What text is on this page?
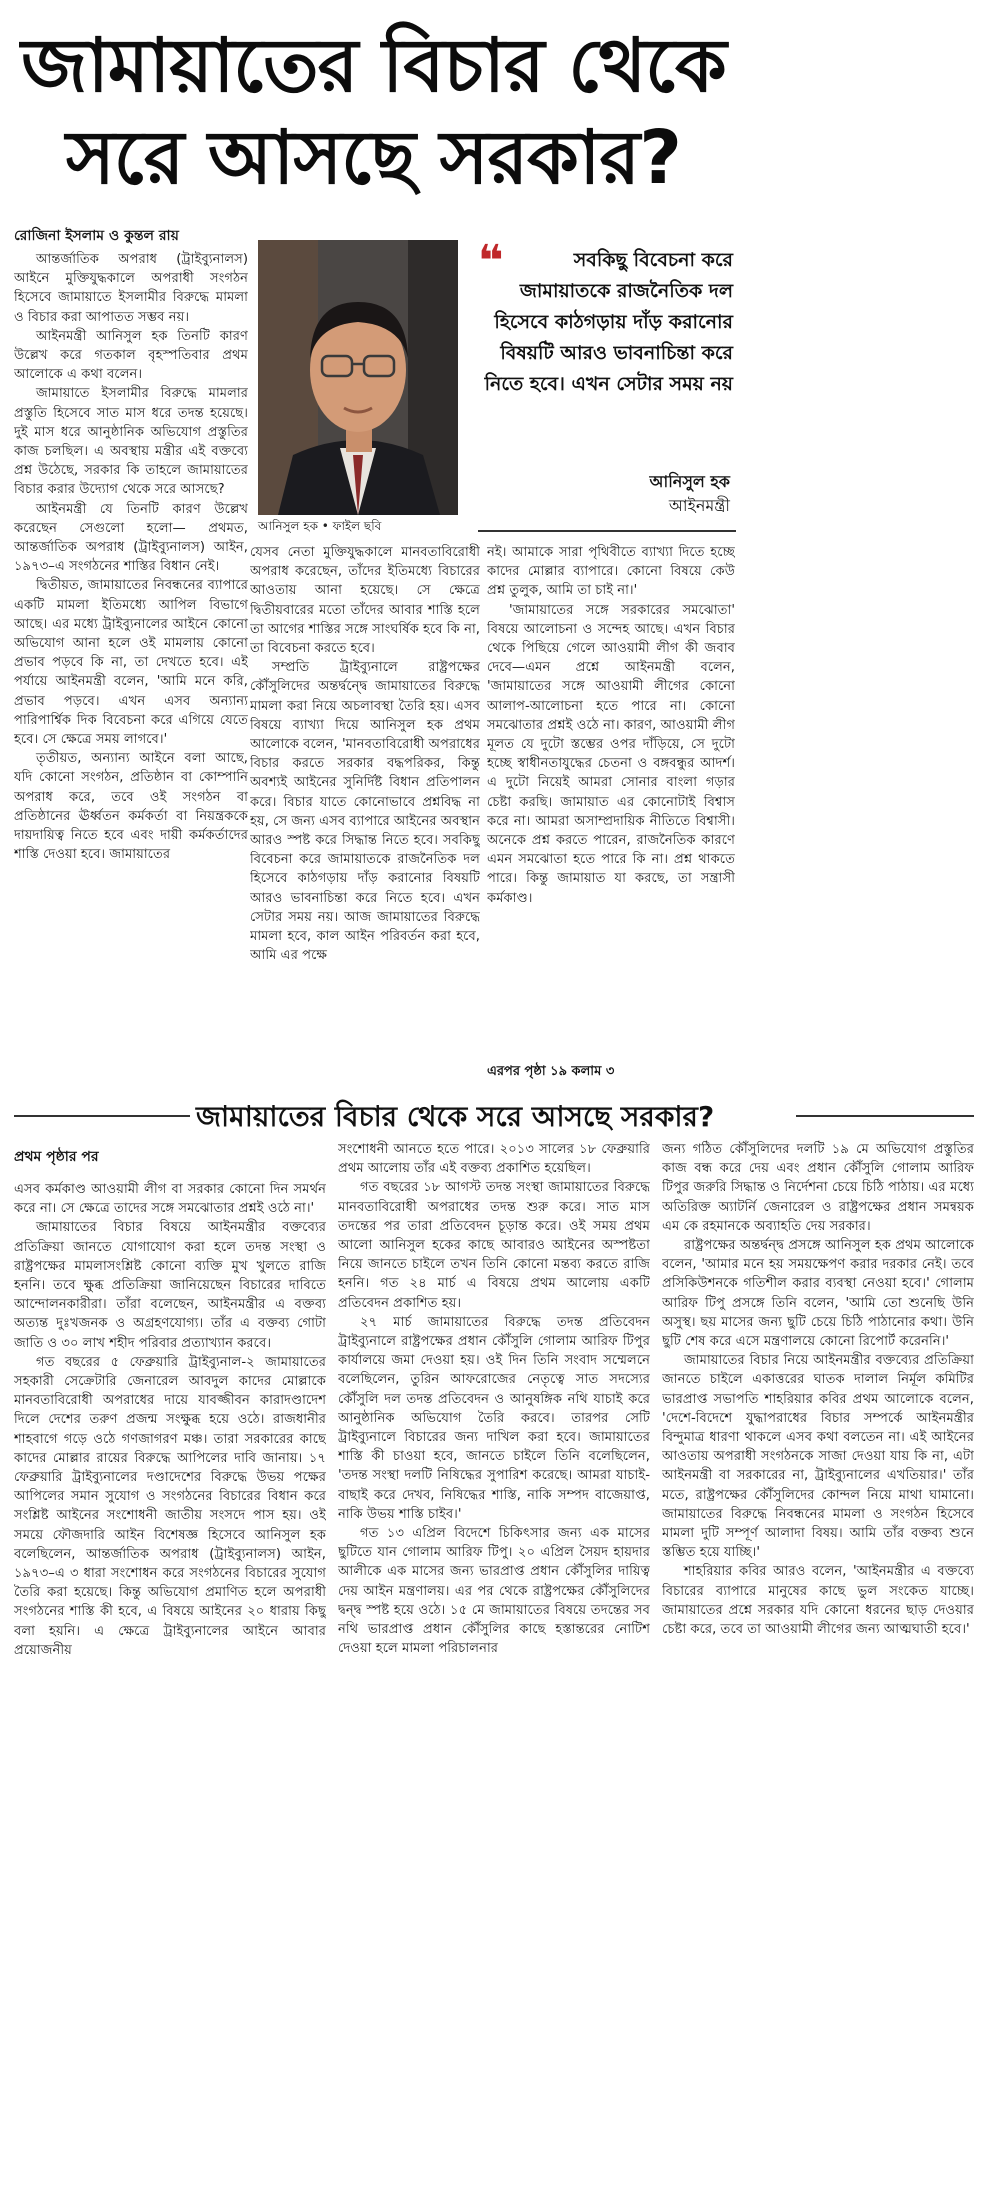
জামায়াতের বিচার থেকে
সরে আসছে সরকার?

রোজিনা ইসলাম ও কুন্তল রায়

আন্তর্জাতিক অপরাধ (ট্রাইব্যুনালস) আইনে মুক্তিযুদ্ধকালে অপরাধী সংগঠন হিসেবে জামায়াতে ইসলামীর বিরুদ্ধে মামলা ও বিচার করা আপাতত সম্ভব নয়।

আইনমন্ত্রী আনিসুল হক তিনটি কারণ উল্লেখ করে গতকাল বৃহস্পতিবার প্রথম আলোকে এ কথা বলেন।

জামায়াতে ইসলামীর বিরুদ্ধে মামলার প্রস্তুতি হিসেবে সাত মাস ধরে তদন্ত হয়েছে। দুই মাস ধরে আনুষ্ঠানিক অভিযোগ প্রস্তুতির কাজ চলছিল। এ অবস্থায় মন্ত্রীর এই বক্তব্যে প্রশ্ন উঠেছে, সরকার কি তাহলে জামায়াতের বিচার করার উদ্যোগ থেকে সরে আসছে?

আইনমন্ত্রী যে তিনটি কারণ উল্লেখ করেছেন সেগুলো হলো— প্রথমত, আন্তর্জাতিক অপরাধ (ট্রাইব্যুনালস) আইন, ১৯৭৩–এ সংগঠনের শাস্তির বিধান নেই।

দ্বিতীয়ত, জামায়াতের নিবন্ধনের ব্যাপারে একটি মামলা ইতিমধ্যে আপিল বিভাগে আছে। এর মধ্যে ট্রাইব্যুনালের আইনে কোনো অভিযোগ আনা হলে ওই মামলায় কোনো প্রভাব পড়বে কি না, তা দেখতে হবে। এই পর্যায়ে আইনমন্ত্রী বলেন, 'আমি মনে করি, প্রভাব পড়বে। এখন এসব অন্যান্য পারিপার্শ্বিক দিক বিবেচনা করে এগিয়ে যেতে হবে। সে ক্ষেত্রে সময় লাগবে।'

তৃতীয়ত, অন্যান্য আইনে বলা আছে, যদি কোনো সংগঠন, প্রতিষ্ঠান বা কোম্পানি অপরাধ করে, তবে ওই সংগঠন বা প্রতিষ্ঠানের ঊর্ধ্বতন কর্মকর্তা বা নিয়ন্ত্রককে দায়দায়িত্ব নিতে হবে এবং দায়ী কর্মকর্তাদের শাস্তি দেওয়া হবে। জামায়াতের

আনিসুল হক • ফাইল ছবি
❝	সবকিছু বিবেচনা করে জামায়াতকে রাজনৈতিক দল হিসেবে কাঠগড়ায় দাঁড় করানোর বিষয়টি আরও ভাবনাচিন্তা করে নিতে হবে। এখন সেটার সময় নয়
আনিসুল হক
আইনমন্ত্রী

যেসব নেতা মুক্তিযুদ্ধকালে মানবতাবিরোধী অপরাধ করেছেন, তাঁদের ইতিমধ্যে বিচারের আওতায় আনা হয়েছে। সে ক্ষেত্রে দ্বিতীয়বারের মতো তাঁদের আবার শাস্তি হলে তা আগের শাস্তির সঙ্গে সাংঘর্ষিক হবে কি না, তা বিবেচনা করতে হবে।

সম্প্রতি ট্রাইব্যুনালে রাষ্ট্রপক্ষের কৌঁসুলিদের অন্তর্দ্বন্দ্বে জামায়াতের বিরুদ্ধে মামলা করা নিয়ে অচলাবস্থা তৈরি হয়। এসব বিষয়ে ব্যাখ্যা দিয়ে আনিসুল হক প্রথম আলোকে বলেন, 'মানবতাবিরোধী অপরাধের বিচার করতে সরকার বদ্ধপরিকর, কিন্তু অবশ্যই আইনের সুনির্দিষ্ট বিধান প্রতিপালন করে। বিচার যাতে কোনোভাবে প্রশ্নবিদ্ধ না হয়, সে জন্য এসব ব্যাপারে আইনের অবস্থান আরও স্পষ্ট করে সিদ্ধান্ত নিতে হবে। সবকিছু বিবেচনা করে জামায়াতকে রাজনৈতিক দল হিসেবে কাঠগড়ায় দাঁড় করানোর বিষয়টি আরও ভাবনাচিন্তা করে নিতে হবে। এখন সেটার সময় নয়। আজ জামায়াতের বিরুদ্ধে মামলা হবে, কাল আইন পরিবর্তন করা হবে, আমি এর পক্ষে

নই। আমাকে সারা পৃথিবীতে ব্যাখ্যা দিতে হচ্ছে কাদের মোল্লার ব্যাপারে। কোনো বিষয়ে কেউ প্রশ্ন তুলুক, আমি তা চাই না।'

'জামায়াতের সঙ্গে সরকারের সমঝোতা' বিষয়ে আলোচনা ও সন্দেহ আছে। এখন বিচার থেকে পিছিয়ে গেলে আওয়ামী লীগ কী জবাব দেবে—এমন প্রশ্নে আইনমন্ত্রী বলেন, 'জামায়াতের সঙ্গে আওয়ামী লীগের কোনো আলাপ-আলোচনা হতে পারে না। কোনো সমঝোতার প্রশ্নই ওঠে না। কারণ, আওয়ামী লীগ মূলত যে দুটো স্তম্ভের ওপর দাঁড়িয়ে, সে দুটো হচ্ছে স্বাধীনতাযুদ্ধের চেতনা ও বঙ্গবন্ধুর আদর্শ। এ দুটো নিয়েই আমরা সোনার বাংলা গড়ার চেষ্টা করছি। জামায়াত এর কোনোটাই বিশ্বাস করে না। আমরা অসাম্প্রদায়িক নীতিতে বিশ্বাসী। অনেকে প্রশ্ন করতে পারেন, রাজনৈতিক কারণে এমন সমঝোতা হতে পারে কি না। প্রশ্ন থাকতে পারে। কিন্তু জামায়াত যা করছে, তা সন্ত্রাসী কর্মকাণ্ড।

এরপর পৃষ্ঠা ১৯ কলাম ৩
জামায়াতের বিচার থেকে সরে আসছে সরকার?
প্রথম পৃষ্ঠার পর

এসব কর্মকাণ্ড আওয়ামী লীগ বা সরকার কোনো দিন সমর্থন করে না। সে ক্ষেত্রে তাদের সঙ্গে সমঝোতার প্রশ্নই ওঠে না।'

জামায়াতের বিচার বিষয়ে আইনমন্ত্রীর বক্তব্যের প্রতিক্রিয়া জানতে যোগাযোগ করা হলে তদন্ত সংস্থা ও রাষ্ট্রপক্ষের মামলাসংশ্লিষ্ট কোনো ব্যক্তি মুখ খুলতে রাজি হননি। তবে ক্ষুব্ধ প্রতিক্রিয়া জানিয়েছেন বিচারের দাবিতে আন্দোলনকারীরা। তাঁরা বলেছেন, আইনমন্ত্রীর এ বক্তব্য অত্যন্ত দুঃখজনক ও অগ্রহণযোগ্য। তাঁর এ বক্তব্য গোটা জাতি ও ৩০ লাখ শহীদ পরিবার প্রত্যাখ্যান করবে।

গত বছরের ৫ ফেব্রুয়ারি ট্রাইব্যুনাল-২ জামায়াতের সহকারী সেক্রেটারি জেনারেল আবদুল কাদের মোল্লাকে মানবতাবিরোধী অপরাধের দায়ে যাবজ্জীবন কারাদণ্ডাদেশ দিলে দেশের তরুণ প্রজন্ম সংক্ষুব্ধ হয়ে ওঠে। রাজধানীর শাহবাগে গড়ে ওঠে গণজাগরণ মঞ্চ। তারা সরকারের কাছে কাদের মোল্লার রায়ের বিরুদ্ধে আপিলের দাবি জানায়। ১৭ ফেব্রুয়ারি ট্রাইব্যুনালের দণ্ডাদেশের বিরুদ্ধে উভয় পক্ষের আপিলের সমান সুযোগ ও সংগঠনের বিচারের বিধান করে সংশ্লিষ্ট আইনের সংশোধনী জাতীয় সংসদে পাস হয়। ওই সময়ে ফৌজদারি আইন বিশেষজ্ঞ হিসেবে আনিসুল হক বলেছিলেন, আন্তর্জাতিক অপরাধ (ট্রাইব্যুনালস) আইন, ১৯৭৩–এ ৩ ধারা সংশোধন করে সংগঠনের বিচারের সুযোগ তৈরি করা হয়েছে। কিন্তু অভিযোগ প্রমাণিত হলে অপরাধী সংগঠনের শাস্তি কী হবে, এ বিষয়ে আইনের ২০ ধারায় কিছু বলা হয়নি। এ ক্ষেত্রে ট্রাইব্যুনালের আইনে আবার প্রয়োজনীয়

সংশোধনী আনতে হতে পারে। ২০১৩ সালের ১৮ ফেব্রুয়ারি প্রথম আলোয় তাঁর এই বক্তব্য প্রকাশিত হয়েছিল।

গত বছরের ১৮ আগস্ট তদন্ত সংস্থা জামায়াতের বিরুদ্ধে মানবতাবিরোধী অপরাধের তদন্ত শুরু করে। সাত মাস তদন্তের পর তারা প্রতিবেদন চূড়ান্ত করে। ওই সময় প্রথম আলো আনিসুল হকের কাছে আবারও আইনের অস্পষ্টতা নিয়ে জানতে চাইলে তখন তিনি কোনো মন্তব্য করতে রাজি হননি। গত ২৪ মার্চ এ বিষয়ে প্রথম আলোয় একটি প্রতিবেদন প্রকাশিত হয়।

২৭ মার্চ জামায়াতের বিরুদ্ধে তদন্ত প্রতিবেদন ট্রাইব্যুনালে রাষ্ট্রপক্ষের প্রধান কৌঁসুলি গোলাম আরিফ টিপুর কার্যালয়ে জমা দেওয়া হয়। ওই দিন তিনি সংবাদ সম্মেলনে বলেছিলেন, তুরিন আফরোজের নেতৃত্বে সাত সদস্যের কৌঁসুলি দল তদন্ত প্রতিবেদন ও আনুষঙ্গিক নথি যাচাই করে আনুষ্ঠানিক অভিযোগ তৈরি করবে। তারপর সেটি ট্রাইব্যুনালে বিচারের জন্য দাখিল করা হবে। জামায়াতের শাস্তি কী চাওয়া হবে, জানতে চাইলে তিনি বলেছিলেন, 'তদন্ত সংস্থা দলটি নিষিদ্ধের সুপারিশ করেছে। আমরা যাচাই-বাছাই করে দেখব, নিষিদ্ধের শাস্তি, নাকি সম্পদ বাজেয়াপ্ত, নাকি উভয় শাস্তি চাইব।'

গত ১৩ এপ্রিল বিদেশে চিকিৎসার জন্য এক মাসের ছুটিতে যান গোলাম আরিফ টিপু। ২০ এপ্রিল সৈয়দ হায়দার আলীকে এক মাসের জন্য ভারপ্রাপ্ত প্রধান কৌঁসুলির দায়িত্ব দেয় আইন মন্ত্রণালয়। এর পর থেকে রাষ্ট্রপক্ষের কৌঁসুলিদের দ্বন্দ্ব স্পষ্ট হয়ে ওঠে। ১৫ মে জামায়াতের বিষয়ে তদন্তের সব নথি ভারপ্রাপ্ত প্রধান কৌঁসুলির কাছে হস্তান্তরের নোটিশ দেওয়া হলে মামলা পরিচালনার

জন্য গঠিত কৌঁসুলিদের দলটি ১৯ মে অভিযোগ প্রস্তুতির কাজ বন্ধ করে দেয় এবং প্রধান কৌঁসুলি গোলাম আরিফ টিপুর জরুরি সিদ্ধান্ত ও নির্দেশনা চেয়ে চিঠি পাঠায়। এর মধ্যে অতিরিক্ত অ্যাটর্নি জেনারেল ও রাষ্ট্রপক্ষের প্রধান সমন্বয়ক এম কে রহমানকে অব্যাহতি দেয় সরকার।

রাষ্ট্রপক্ষের অন্তর্দ্বন্দ্ব প্রসঙ্গে আনিসুল হক প্রথম আলোকে বলেন, 'আমার মনে হয় সময়ক্ষেপণ করার দরকার নেই। তবে প্রসিকিউশনকে গতিশীল করার ব্যবস্থা নেওয়া হবে।' গোলাম আরিফ টিপু প্রসঙ্গে তিনি বলেন, 'আমি তো শুনেছি উনি অসুস্থ। ছয় মাসের জন্য ছুটি চেয়ে চিঠি পাঠানোর কথা। উনি ছুটি শেষ করে এসে মন্ত্রণালয়ে কোনো রিপোর্ট করেননি।'

জামায়াতের বিচার নিয়ে আইনমন্ত্রীর বক্তব্যের প্রতিক্রিয়া জানতে চাইলে একাত্তরের ঘাতক দালাল নির্মূল কমিটির ভারপ্রাপ্ত সভাপতি শাহরিয়ার কবির প্রথম আলোকে বলেন, 'দেশে-বিদেশে যুদ্ধাপরাধের বিচার সম্পর্কে আইনমন্ত্রীর বিন্দুমাত্র ধারণা থাকলে এসব কথা বলতেন না। এই আইনের আওতায় অপরাধী সংগঠনকে সাজা দেওয়া যায় কি না, এটা আইনমন্ত্রী বা সরকারের না, ট্রাইব্যুনালের এখতিয়ার।' তাঁর মতে, রাষ্ট্রপক্ষের কৌঁসুলিদের কোন্দল নিয়ে মাথা ঘামানো। জামায়াতের বিরুদ্ধে নিবন্ধনের মামলা ও সংগঠন হিসেবে মামলা দুটি সম্পূর্ণ আলাদা বিষয়। আমি তাঁর বক্তব্য শুনে স্তম্ভিত হয়ে যাচ্ছি।'

শাহরিয়ার কবির আরও বলেন, 'আইনমন্ত্রীর এ বক্তব্যে বিচারের ব্যাপারে মানুষের কাছে ভুল সংকেত যাচ্ছে। জামায়াতের প্রশ্নে সরকার যদি কোনো ধরনের ছাড় দেওয়ার চেষ্টা করে, তবে তা আওয়ামী লীগের জন্য আত্মঘাতী হবে।'
